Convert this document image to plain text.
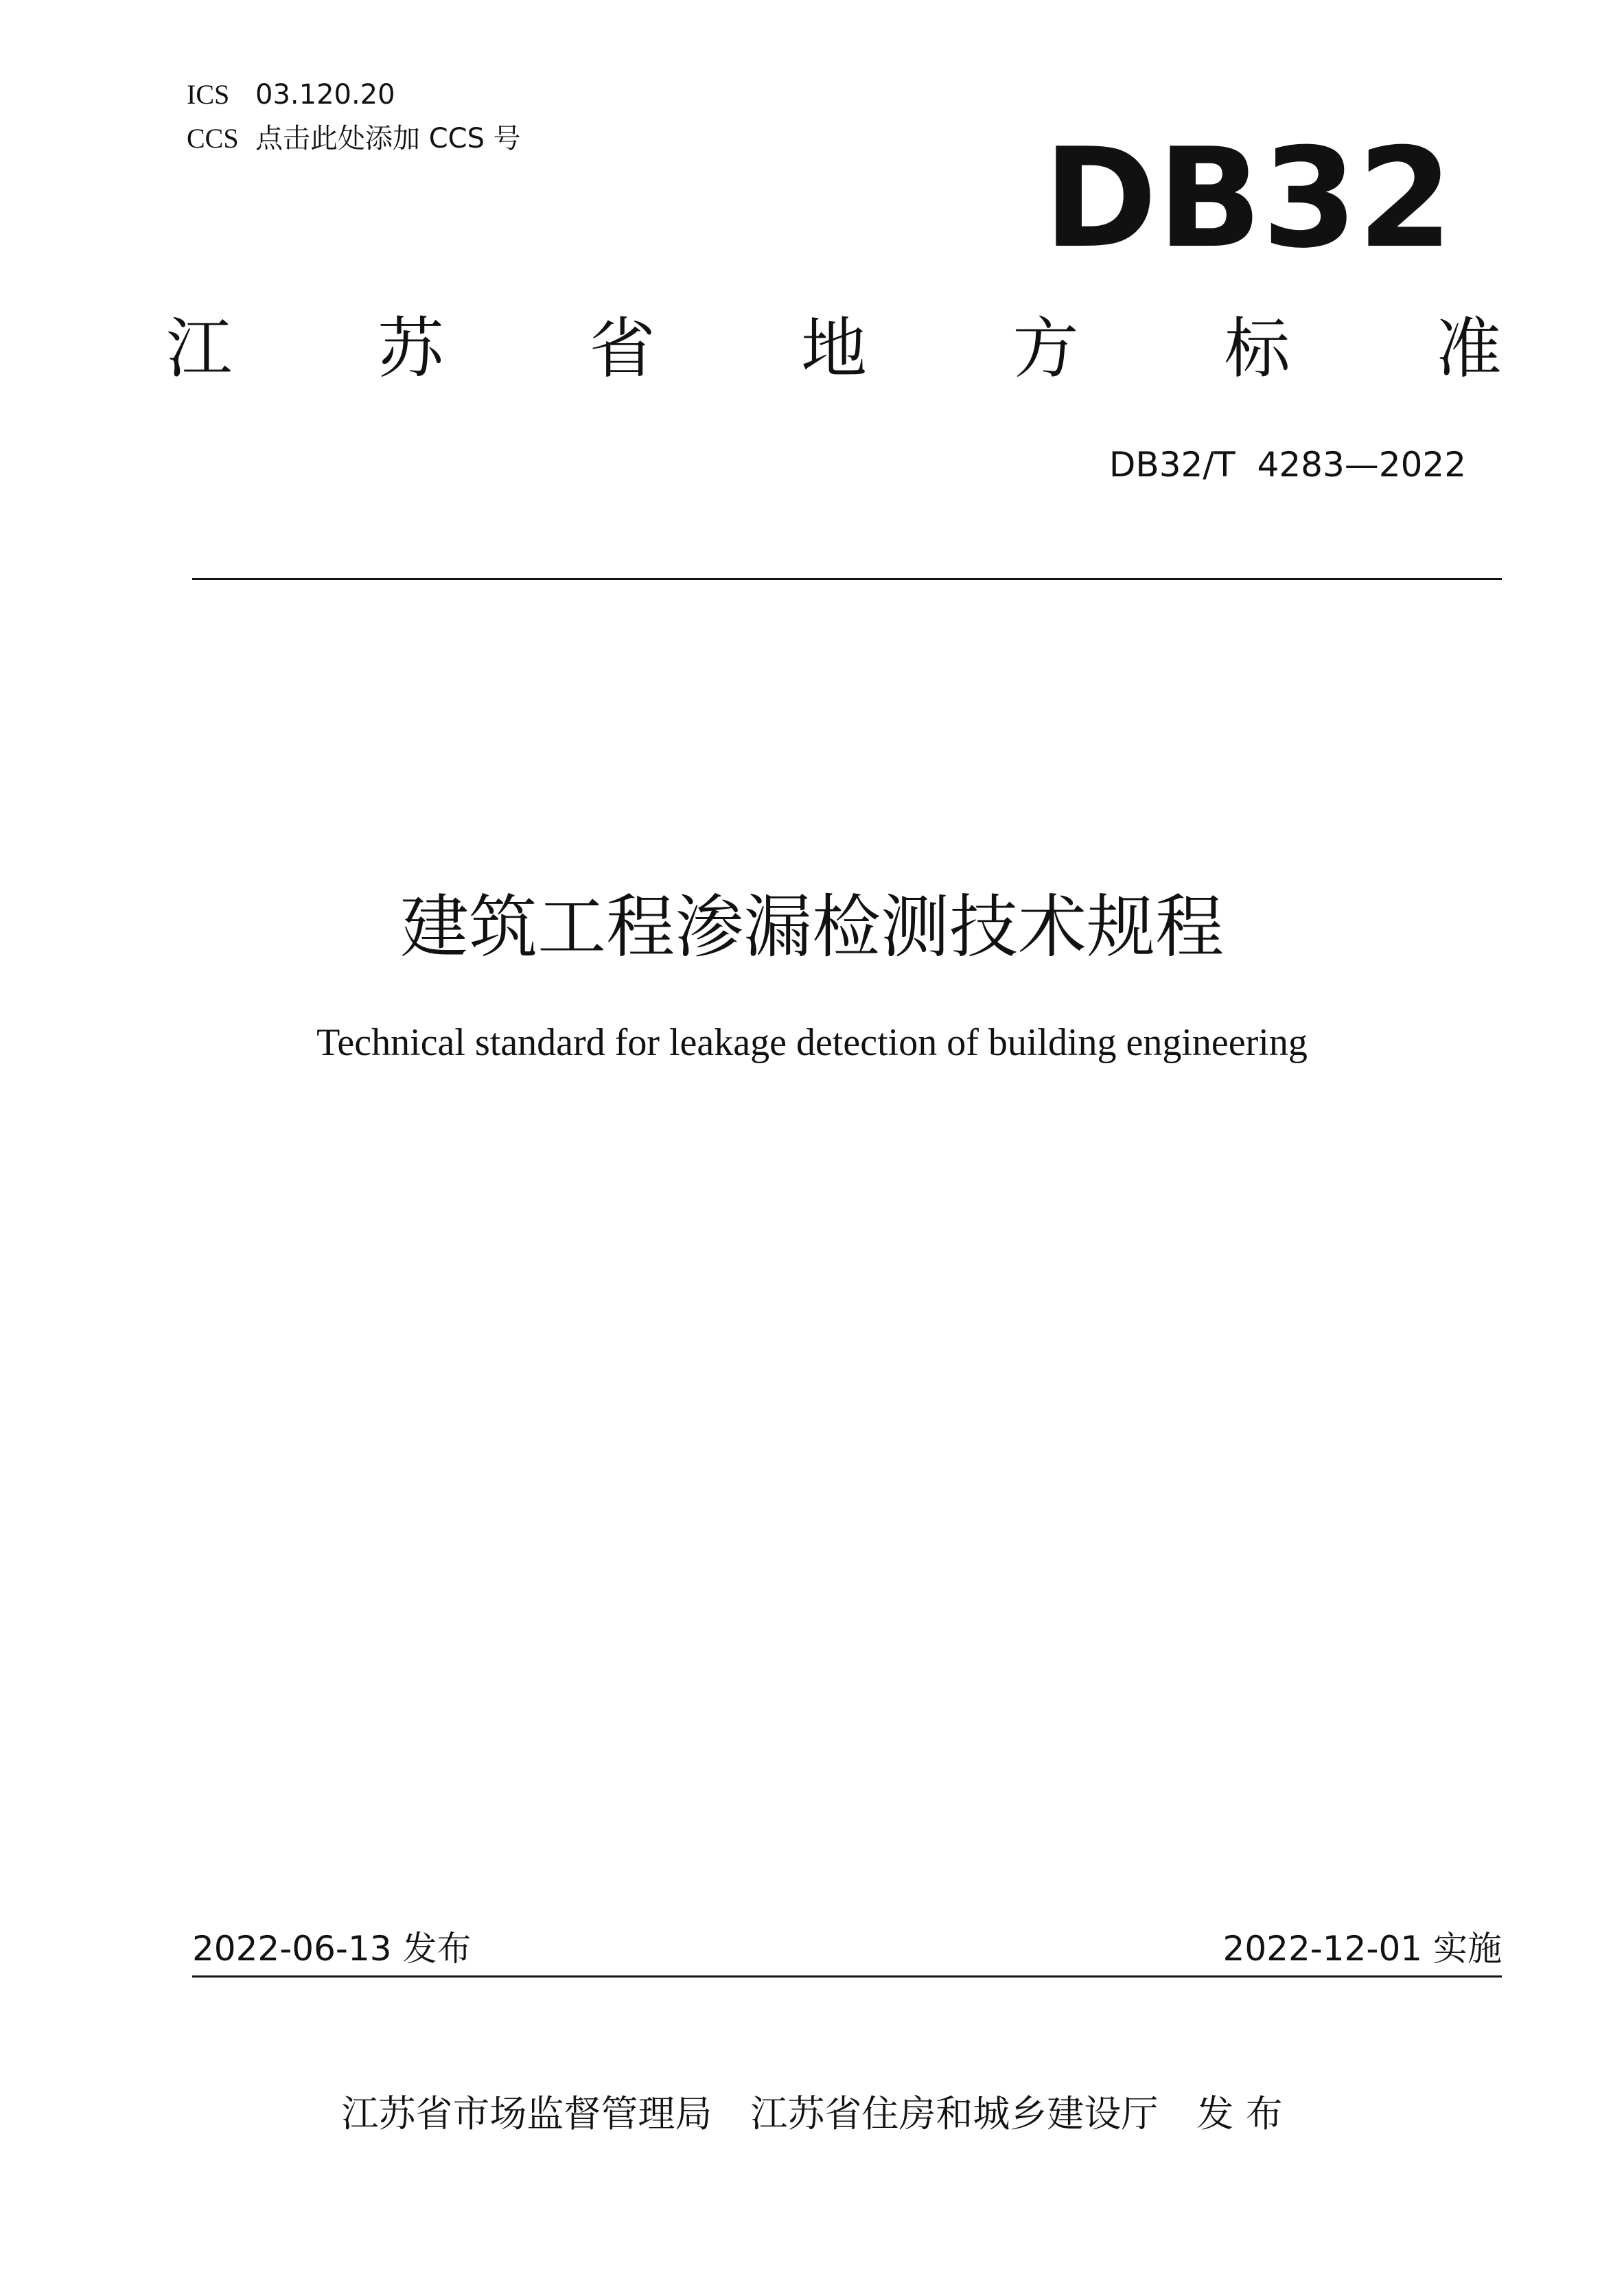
ICS 03.120.20
CCS 点击此处添加 CCS 号	DB32
江 苏 省 地 方 标 准
DB32/T  4283—2022
建筑工程渗漏检测技术规程
Technical standard for leakage detection of building engineering
2022-06-13 发布	2022-12-01 实施
江苏省市场监督管理局 江苏省住房和城乡建设厅 发 布
